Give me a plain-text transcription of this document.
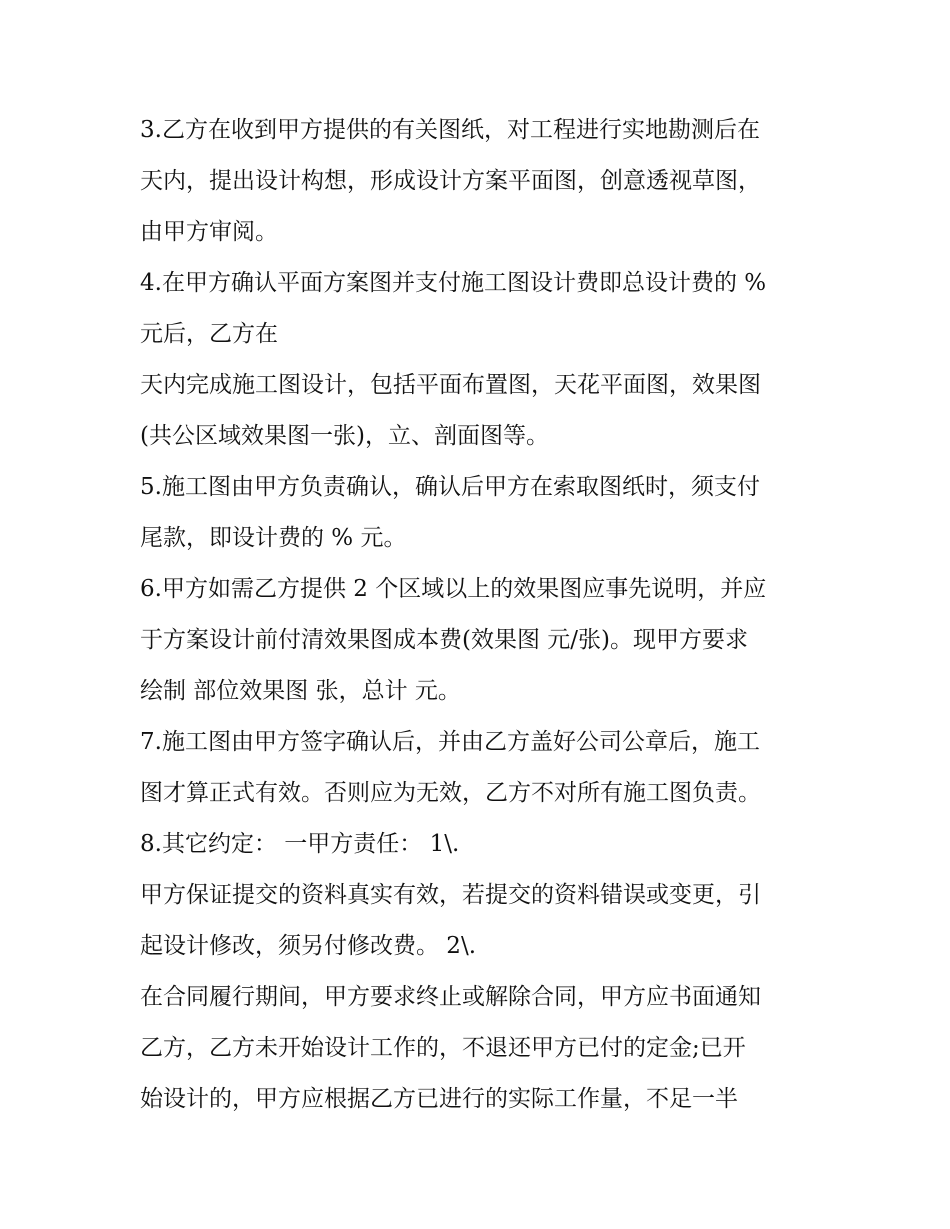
3.乙方在收到甲方提供的有关图纸，对工程进行实地勘测后在
天内，提出设计构想，形成设计方案平面图，创意透视草图，
由甲方审阅。
4.在甲方确认平面方案图并支付施工图设计费即总设计费的 %
元后，乙方在
天内完成施工图设计，包括平面布置图，天花平面图，效果图
(共公区域效果图一张)，立、剖面图等。
5.施工图由甲方负责确认，确认后甲方在索取图纸时，须支付
尾款，即设计费的 % 元。
6.甲方如需乙方提供 2 个区域以上的效果图应事先说明，并应
于方案设计前付清效果图成本费(效果图 元/张)。现甲方要求
绘制 部位效果图 张，总计 元。
7.施工图由甲方签字确认后，并由乙方盖好公司公章后，施工
图才算正式有效。否则应为无效，乙方不对所有施工图负责。
8.其它约定： 一甲方责任： 1\.
甲方保证提交的资料真实有效，若提交的资料错误或变更，引
起设计修改，须另付修改费。 2\.
在合同履行期间，甲方要求终止或解除合同，甲方应书面通知
乙方，乙方未开始设计工作的，不退还甲方已付的定金;已开
始设计的，甲方应根据乙方已进行的实际工作量，不足一半
